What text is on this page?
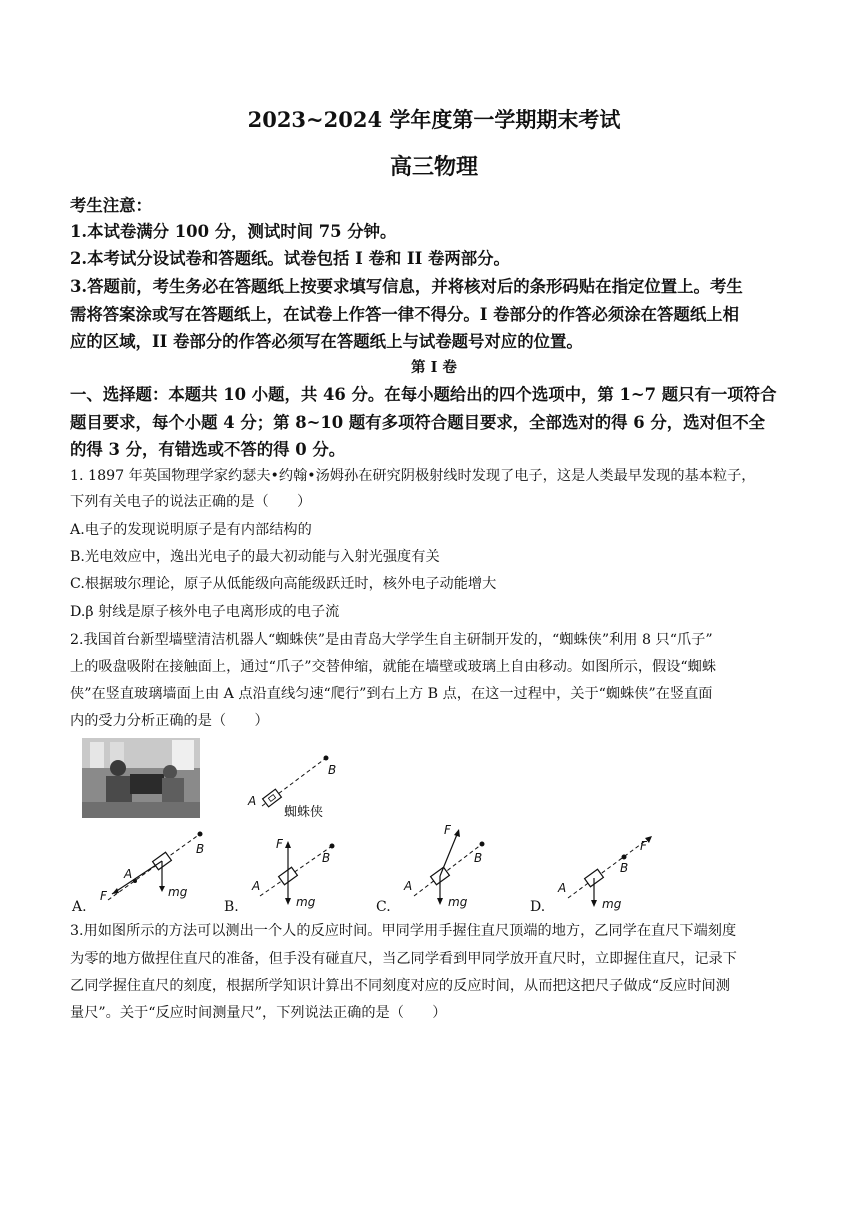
2023~2024 学年度第一学期期末考试
高三物理
考生注意：
1.本试卷满分 100 分，测试时间 75 分钟。
2.本考试分设试卷和答题纸。试卷包括 I 卷和 II 卷两部分。
3.答题前，考生务必在答题纸上按要求填写信息，并将核对后的条形码贴在指定位置上。考生
需将答案涂或写在答题纸上，在试卷上作答一律不得分。I 卷部分的作答必须涂在答题纸上相
应的区域，II 卷部分的作答必须写在答题纸上与试卷题号对应的位置。
第 I 卷
一、选择题：本题共 10 小题，共 46 分。在每小题给出的四个选项中，第 1~7 题只有一项符合
题目要求，每个小题 4 分；第 8~10 题有多项符合题目要求，全部选对的得 6 分，选对但不全
的得 3 分，有错选或不答的得 0 分。
1. 1897 年英国物理学家约瑟夫•约翰•汤姆孙在研究阴极射线时发现了电子，这是人类最早发现的基本粒子，
下列有关电子的说法正确的是（　　）
A.电子的发现说明原子是有内部结构的
B.光电效应中，逸出光电子的最大初动能与入射光强度有关
C.根据玻尔理论，原子从低能级向高能级跃迁时，核外电子动能增大
D.β 射线是原子核外电子电离形成的电子流
2.我国首台新型墙壁清洁机器人“蜘蛛侠”是由青岛大学学生自主研制开发的，“蜘蛛侠”利用 8 只“爪子”
上的吸盘吸附在接触面上，通过“爪子”交替伸缩，就能在墙壁或玻璃上自由移动。如图所示，假设“蜘蛛
侠”在竖直玻璃墙面上由 A 点沿直线匀速“爬行”到右上方 B 点，在这一过程中，关于“蜘蛛侠”在竖直面
内的受力分析正确的是（　　）
A
B
蜘蛛侠
A
B
F	mg
A.
A
B
F
mg
B.
A
B
F
mg
C.
A
B
F
mg
D.
3.用如图所示的方法可以测出一个人的反应时间。甲同学用手握住直尺顶端的地方，乙同学在直尺下端刻度
为零的地方做捏住直尺的准备，但手没有碰直尺，当乙同学看到甲同学放开直尺时，立即握住直尺，记录下
乙同学握住直尺的刻度，根据所学知识计算出不同刻度对应的反应时间，从而把这把尺子做成“反应时间测
量尺”。关于“反应时间测量尺”，下列说法正确的是（　　）
